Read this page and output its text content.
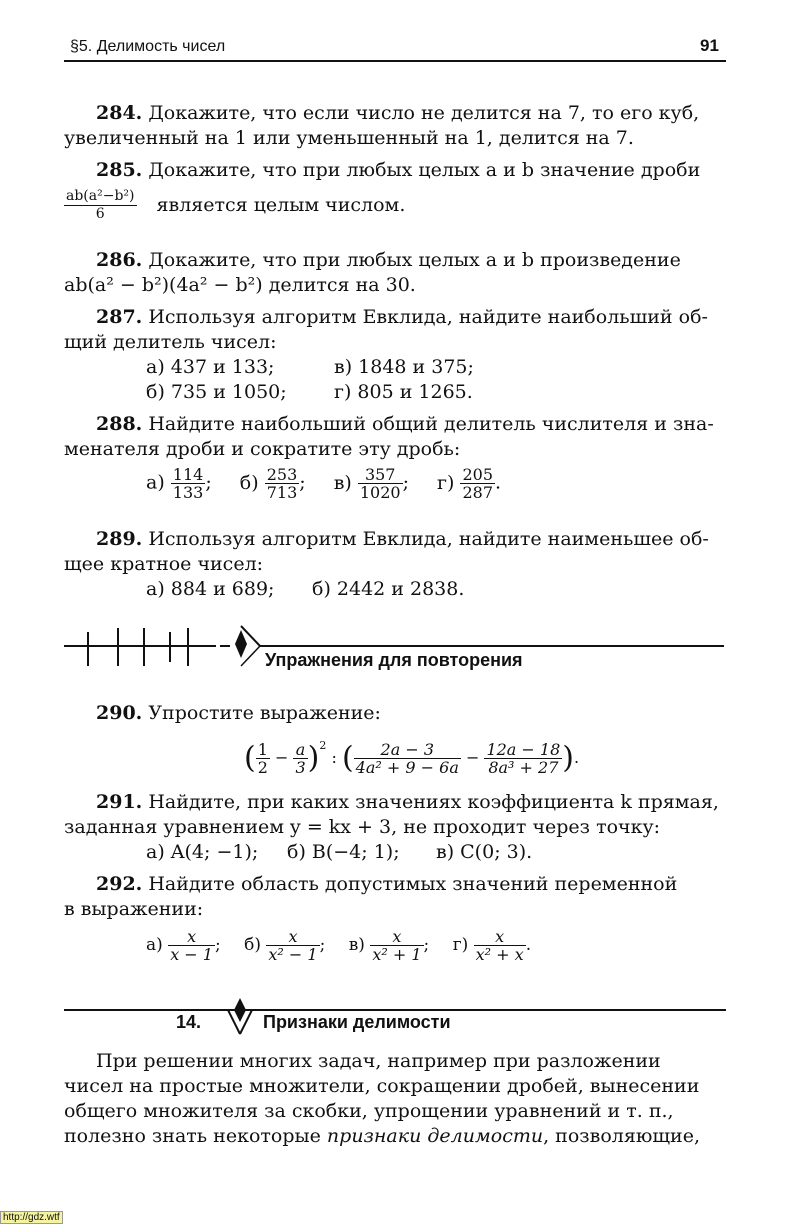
§5. Делимость чисел	91
284. Докажите, что если число не делится на 7, то его куб,
увеличенный на 1 или уменьшенный на 1, делится на 7.
285. Докажите, что при любых целых a и b значение дроби
$\frac{\text{ab(a²−b²)}}{6}$ является целым числом.
286. Докажите, что при любых целых a и b произведение
ab(a² − b²)(4a² − b²) делится на 30.
287. Используя алгоритм Евклида, найдите наибольший об-
щий делитель чисел:
а) 437 и 133;	в) 1848 и 375;
б) 735 и 1050; г) 805 и 1265.
288. Найдите наибольший общий делитель числителя и зна-
менателя дроби и сократите эту дробь:
$а) \frac{114}{133}$ ; $б) \frac{253}{713}$ ; $в) \frac{357}{1020}$ ; $г) \frac{205}{287}$ .
289. Используя алгоритм Евклида, найдите наименьшее об-
щее кратное чисел:
а) 884 и 689; б) 2442 и 2838.
Упражнения для повторения
290. Упростите выражение:
( $\frac{1}{2} - \frac{a}{3} )^2$ : ( $\frac{2a - 3}{\text{4a² + 9 − 6a}} - \frac{12a - 18}{\text{8a³ + 27}}$ ).
291. Найдите, при каких значениях коэффициента k прямая,
заданная уравнением y = kx + 3, не проходит через точку:
а) A(4; −1); б) B(−4; 1); в) C(0; 3).
292. Найдите область допустимых значений переменной
в выражении:
$а) \frac{x}{x - 1}$ ; $б) \frac{x}{\text{x² − 1}}$ ; $в) \frac{x}{\text{x² + 1}}$ ; $г) \frac{x}{\text{x² + x}}$ .
14.	Признаки делимости
При решении многих задач, например при разложении
чисел на простые множители, сокращении дробей, вынесении
общего множителя за скобки, упрощении уравнений и т. п.,
полезно знать некоторые признаки делимости, позволяющие,
http://gdz.wtf
